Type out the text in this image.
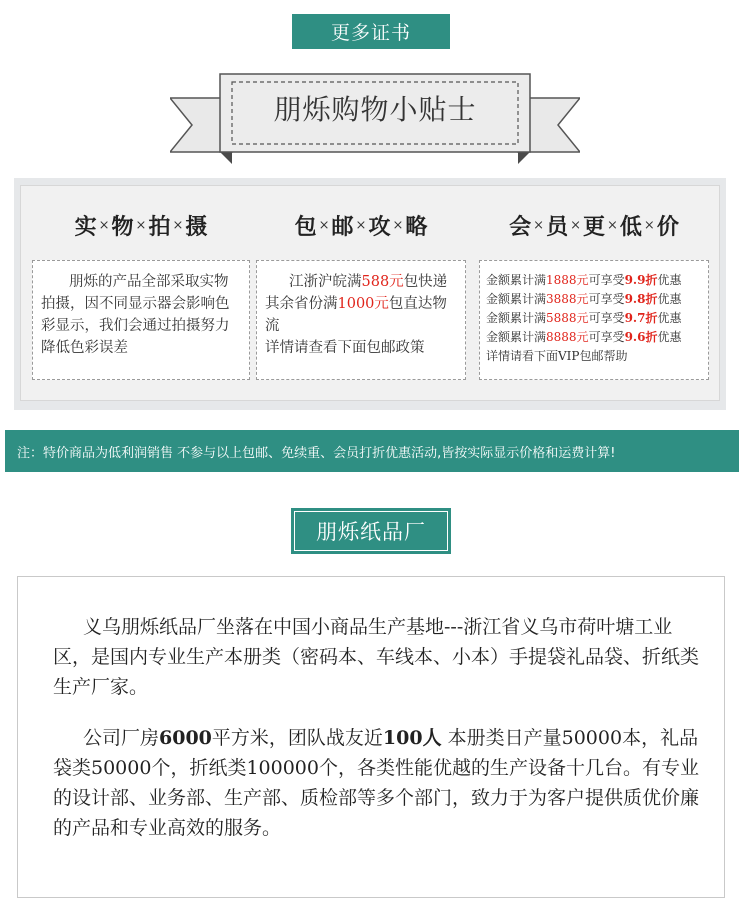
更多证书
朋烁购物小贴士
实 × 物 × 拍 × 摄
朋烁的产品全部采取实物拍摄，因不同显示器会影响色彩显示，我们会通过拍摄努力降低色彩误差
包 × 邮 × 攻 × 略
江浙沪皖满588元包快递其余省份满1000元包直达物流
详情请查看下面包邮政策
会 × 员 × 更 × 低 × 价
金额累计满1888元可享受9.9折优惠
金额累计满3888元可享受9.8折优惠
金额累计满5888元可享受9.7折优惠
金额累计满8888元可享受9.6折优惠
详情请看下面VIP包邮帮助
注：特价商品为低利润销售 不参与以上包邮、免续重、会员打折优惠活动,皆按实际显示价格和运费计算!
朋烁纸品厂
义乌朋烁纸品厂坐落在中国小商品生产基地---浙江省义乌市荷叶塘工业区，是国内专业生产本册类（密码本、车线本、小本）手提袋礼品袋、折纸类生产厂家。
公司厂房6000平方米，团队战友近100人 本册类日产量50000本，礼品袋类50000个，折纸类100000个，各类性能优越的生产设备十几台。有专业的设计部、业务部、生产部、质检部等多个部门，致力于为客户提供质优价廉的产品和专业高效的服务。
